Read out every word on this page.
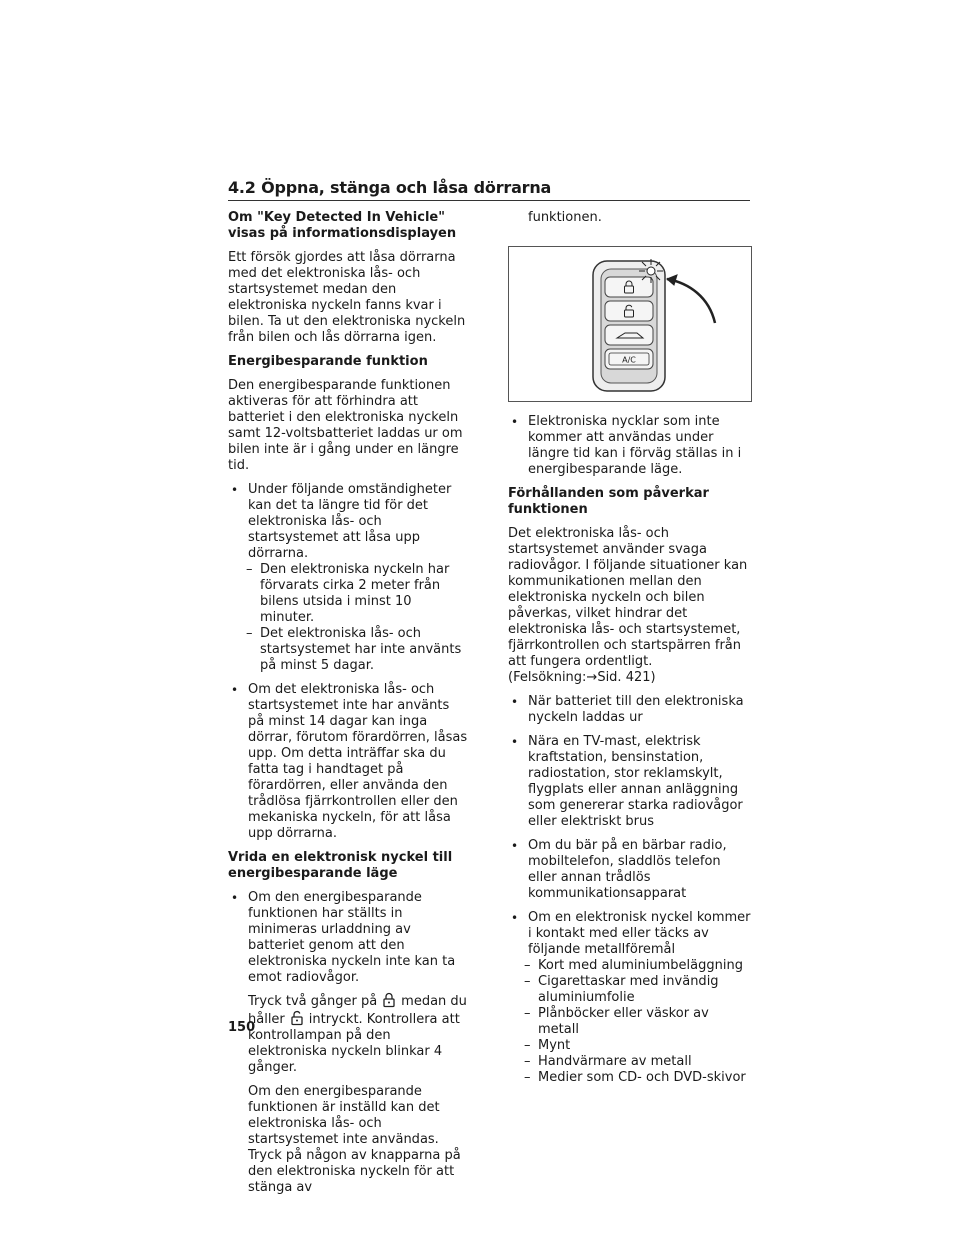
4.2 Öppna, stänga och låsa dörrarna
Om "Key Detected In Vehicle" visas på informationsdisplayen

Ett försök gjordes att låsa dörrarna med det elektroniska lås- och startsystemet medan den elektroniska nyckeln fanns kvar i bilen. Ta ut den elektroniska nyckeln från bilen och lås dörrarna igen.

Energibesparande funktion

Den energibesparande funktionen aktiveras för att förhindra att batteriet i den elektroniska nyckeln samt 12-voltsbatteriet laddas ur om bilen inte är i gång under en längre tid.

• Under följande omständigheter kan det ta längre tid för det elektroniska lås- och startsystemet att låsa upp dörrarna.
– Den elektroniska nyckeln har förvarats cirka 2 meter från bilens utsida i minst 10 minuter.
– Det elektroniska lås- och startsystemet har inte använts på minst 5 dagar.
• Om det elektroniska lås- och startsystemet inte har använts på minst 14 dagar kan inga dörrar, förutom förardörren, låsas upp. Om detta inträffar ska du fatta tag i handtaget på förardörren, eller använda den trådlösa fjärrkontrollen eller den mekaniska nyckeln, för att låsa upp dörrarna.
Vrida en elektronisk nyckel till energibesparande läge
• Om den energibesparande funktionen har ställts in minimeras urladdning av batteriet genom att den elektroniska nyckeln inte kan ta emot radiovågor.
Tryck två gånger på medan du håller intryckt. Kontrollera att kontrollampan på den elektroniska nyckeln blinkar 4 gånger.
Om den energibesparande funktionen är inställd kan det elektroniska lås- och startsystemet inte användas. Tryck på någon av knapparna på den elektroniska nyckeln för att stänga av
funktionen.
A/C
• Elektroniska nycklar som inte kommer att användas under längre tid kan i förväg ställas in i energibesparande läge.
Förhållanden som påverkar funktionen

Det elektroniska lås- och startsystemet använder svaga radiovågor. I följande situationer kan kommunikationen mellan den elektroniska nyckeln och bilen påverkas, vilket hindrar det elektroniska lås- och startsystemet, fjärrkontrollen och startspärren från att fungera ordentligt.

(Felsökning:→Sid. 421)

• När batteriet till den elektroniska nyckeln laddas ur
• Nära en TV-mast, elektrisk kraftstation, bensinstation, radiostation, stor reklamskylt, flygplats eller annan anläggning som genererar starka radiovågor eller elektriskt brus
• Om du bär på en bärbar radio, mobiltelefon, sladdlös telefon eller annan trådlös kommunikationsapparat
• Om en elektronisk nyckel kommer i kontakt med eller täcks av följande metallföremål
– Kort med aluminiumbeläggning
– Cigarettaskar med invändig aluminiumfolie
– Plånböcker eller väskor av metall
– Mynt
– Handvärmare av metall
– Medier som CD- och DVD-skivor
150
